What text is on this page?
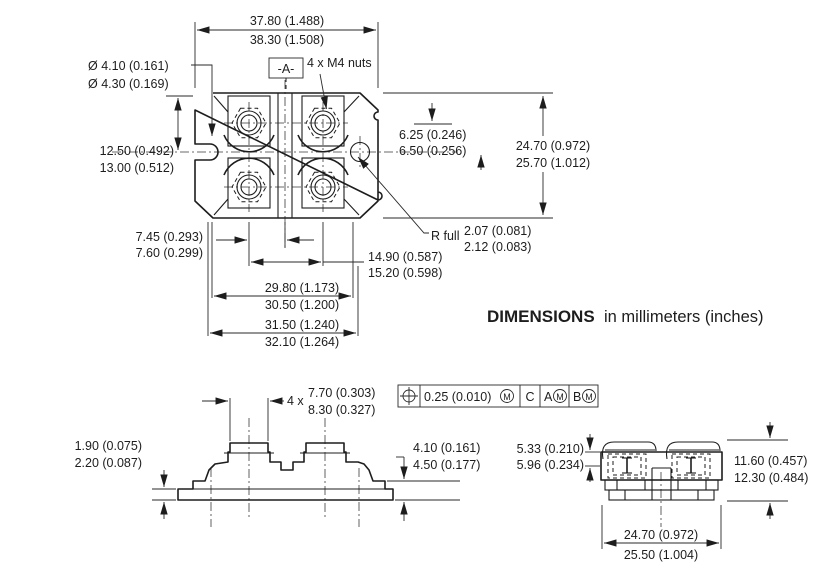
37.80 (1.488)
38.30 (1.508)
-A- 4 x M4 nuts
Ø 4.10 (0.161)
Ø 4.30 (0.169)
12.50 (0.492)
13.00 (0.512)
6.25 (0.246)
6.50 (0.256)	24.70 (0.972)
25.70 (1.012)
R full 2.07 (0.081)
2.12 (0.083)
7.45 (0.293)
7.60 (0.299)	14.90 (0.587)
15.20 (0.598)
29.80 (1.173)
30.50 (1.200)
31.50 (1.240)
32.10 (1.264)
DIMENSIONS in millimeters (inches)
4 x
7.70 (0.303)
8.30 (0.327)
1.90 (0.075)
2.20 (0.087)
4.10 (0.161)
4.50 (0.177)
0.25 (0.010) M C A M B M
5.33 (0.210)
5.96 (0.234)	11.60 (0.457)
12.30 (0.484)
24.70 (0.972)
25.50 (1.004)
